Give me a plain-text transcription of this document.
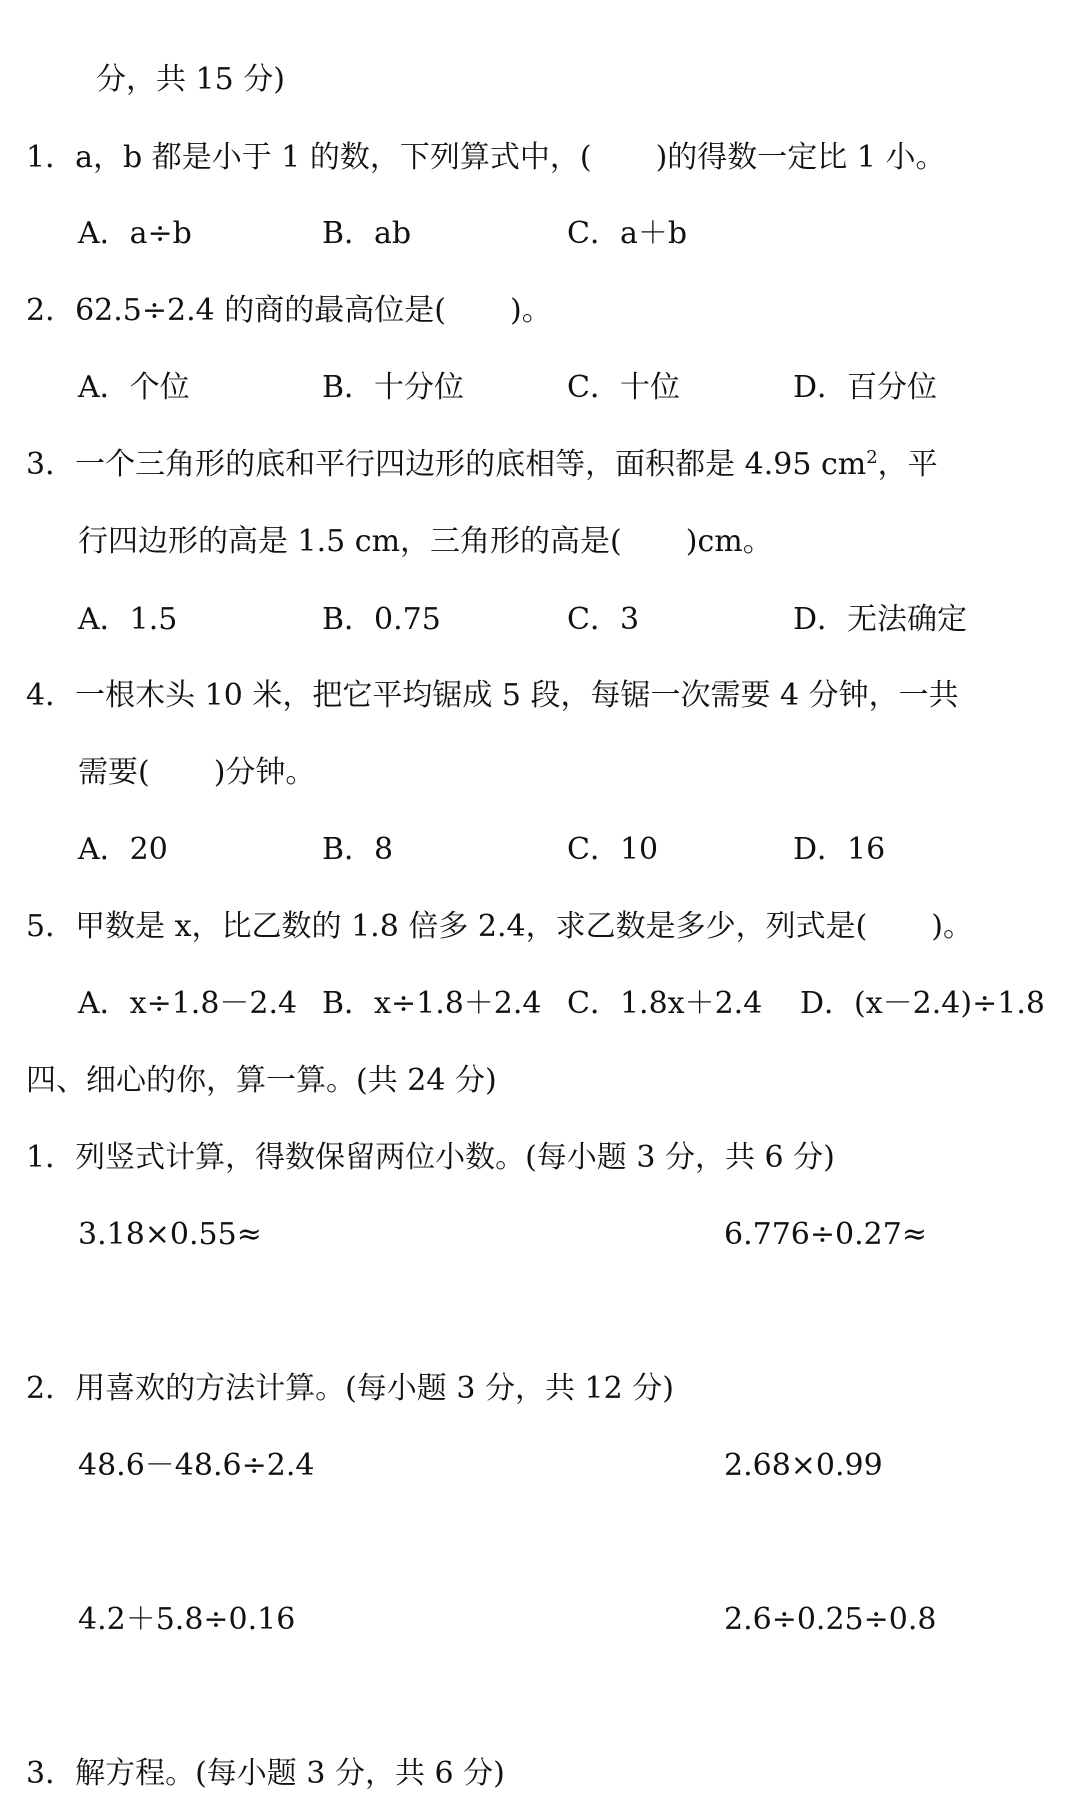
分，共 15 分)
1．a，b 都是小于 1 的数，下列算式中，( )的得数一定比 1 小。
A．a÷b	B．ab	C．a＋b
2．62.5÷2.4 的商的最高位是( )。
A．个位	B．十分位	C．十位	D．百分位
3．一个三角形的底和平行四边形的底相等，面积都是 4.95 $cm^2$，平
行四边形的高是 1.5 cm，三角形的高是( )cm。
A．1.5	B．0.75	C．3	D．无法确定
4．一根木头 10 米，把它平均锯成 5 段，每锯一次需要 4 分钟，一共
需要( )分钟。
A．20	B．8	C．10	D．16
5．甲数是 x，比乙数的 1.8 倍多 2.4，求乙数是多少，列式是( )。
A．x÷1.8－2.4 B．x÷1.8＋2.4 C．1.8x＋2.4 D．(x－2.4)÷1.8
四、细心的你，算一算。(共 24 分)
1．列竖式计算，得数保留两位小数。(每小题 3 分，共 6 分)
3.18×0.55≈	6.776÷0.27≈
2．用喜欢的方法计算。(每小题 3 分，共 12 分)
48.6－48.6÷2.4	2.68×0.99
4.2＋5.8÷0.16	2.6÷0.25÷0.8
3．解方程。(每小题 3 分，共 6 分)
